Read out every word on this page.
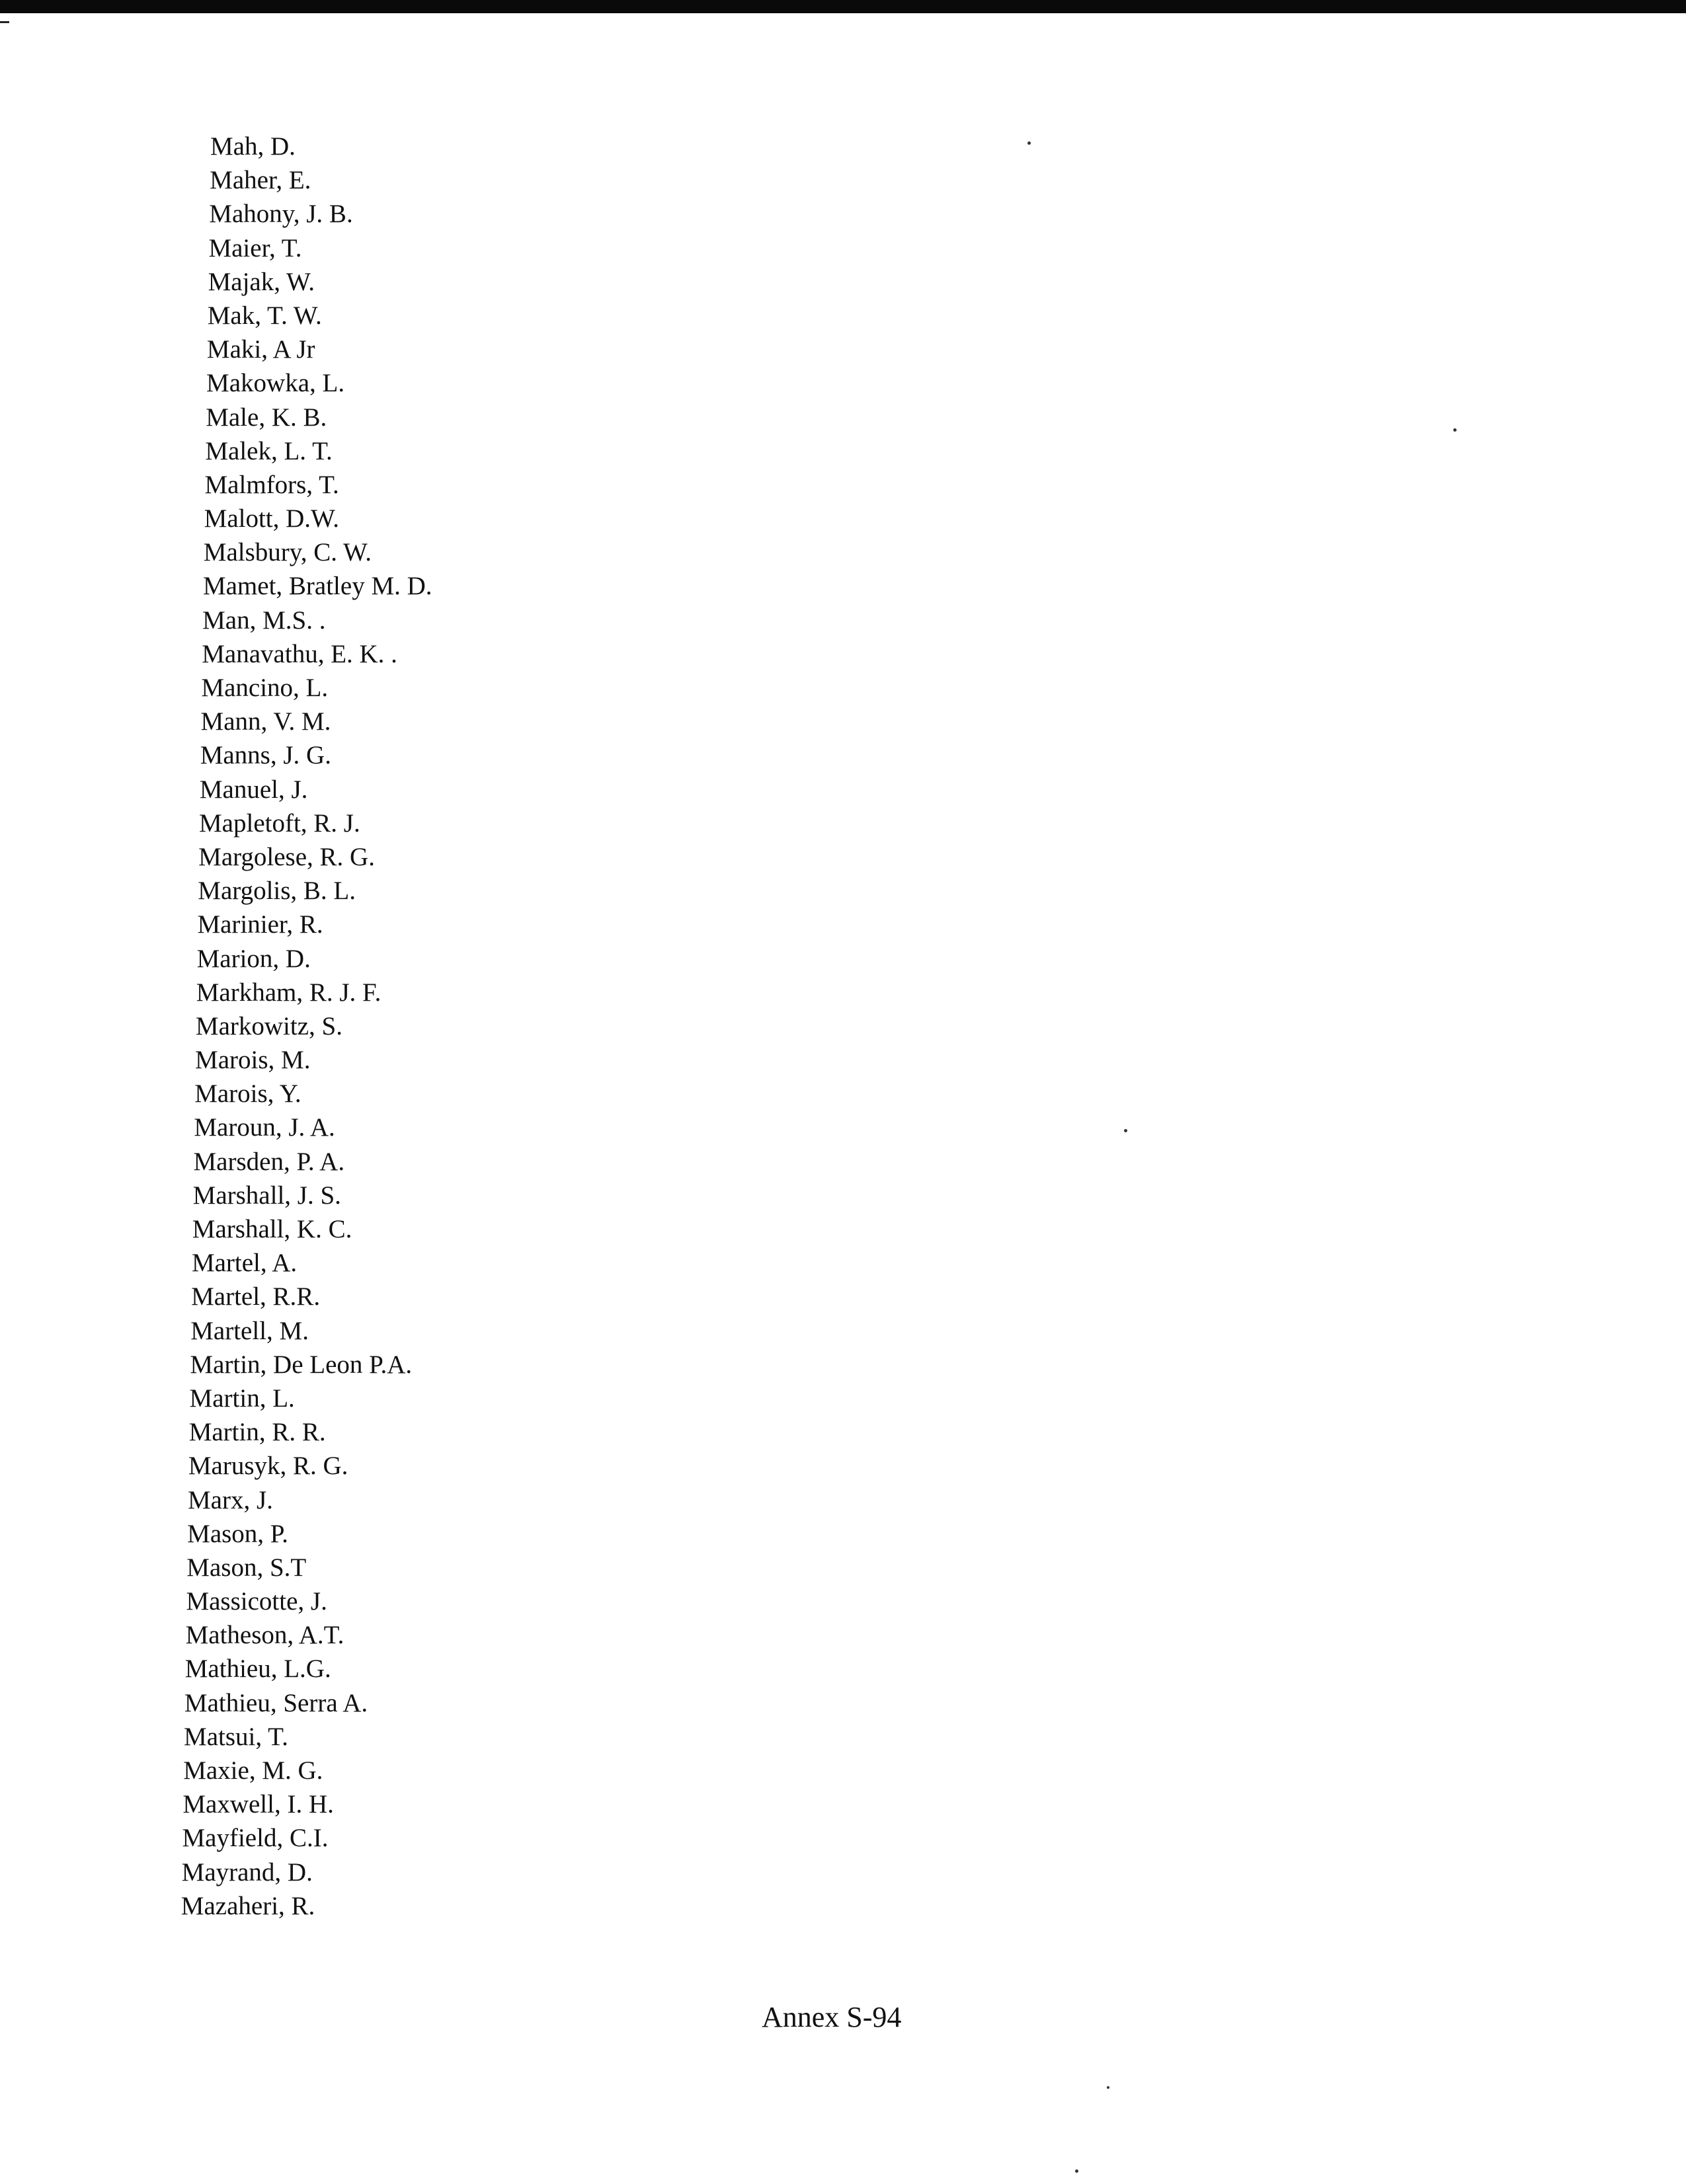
Mah, D.
Maher, E.
Mahony, J. B.
Maier, T.
Majak, W.
Mak, T. W.
Maki, A Jr
Makowka, L.
Male, K. B.
Malek, L. T.
Malmfors, T.
Malott, D.W.
Malsbury, C. W.
Mamet, Bratley M. D.
Man, M.S. .
Manavathu, E. K. .
Mancino, L.
Mann, V. M.
Manns, J. G.
Manuel, J.
Mapletoft, R. J.
Margolese, R. G.
Margolis, B. L.
Marinier, R.
Marion, D.
Markham, R. J. F.
Markowitz, S.
Marois, M.
Marois, Y.
Maroun, J. A.
Marsden, P. A.
Marshall, J. S.
Marshall, K. C.
Martel, A.
Martel, R.R.
Martell, M.
Martin, De Leon P.A.
Martin, L.
Martin, R. R.
Marusyk, R. G.
Marx, J.
Mason, P.
Mason, S.T
Massicotte, J.
Matheson, A.T.
Mathieu, L.G.
Mathieu, Serra A.
Matsui, T.
Maxie, M. G.
Maxwell, I. H.
Mayfield, C.I.
Mayrand, D.
Mazaheri, R.
Annex S-94
